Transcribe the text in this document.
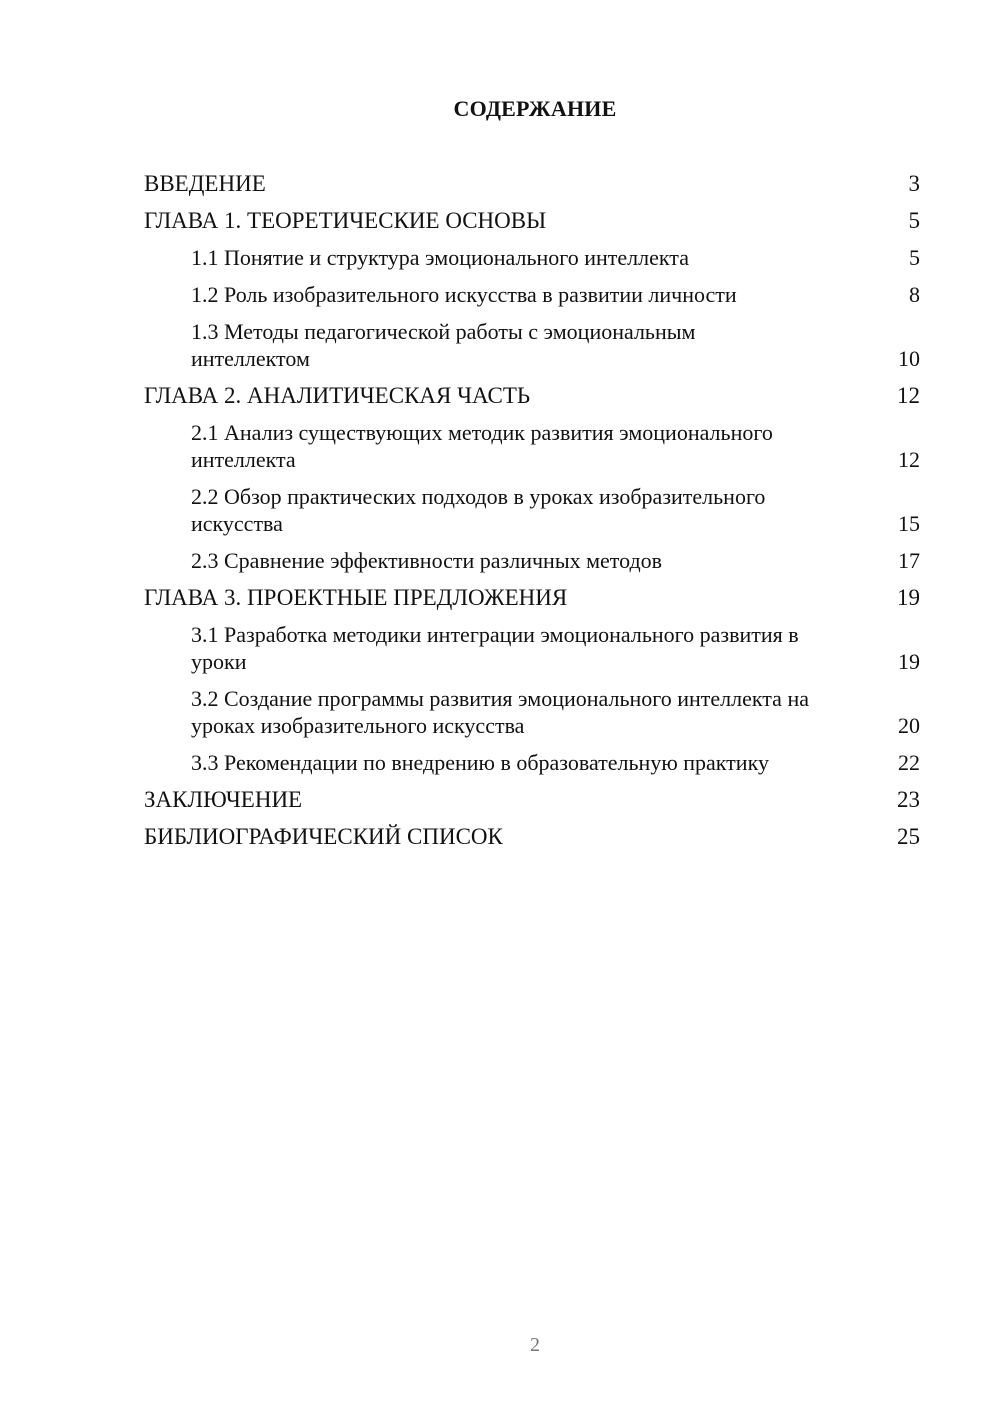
СОДЕРЖАНИЕ
ВВЕДЕНИЕ	3
ГЛАВА 1. ТЕОРЕТИЧЕСКИЕ ОСНОВЫ	5
1.1 Понятие и структура эмоционального интеллекта	5
1.2 Роль изобразительного искусства в развитии личности	8
1.3 Методы педагогической работы с эмоциональным интеллектом	10
ГЛАВА 2. АНАЛИТИЧЕСКАЯ ЧАСТЬ	12
2.1 Анализ существующих методик развития эмоционального интеллекта	12
2.2 Обзор практических подходов в уроках изобразительного искусства	15
2.3 Сравнение эффективности различных методов	17
ГЛАВА 3. ПРОЕКТНЫЕ ПРЕДЛОЖЕНИЯ	19
3.1 Разработка методики интеграции эмоционального развития в уроки	19
3.2 Создание программы развития эмоционального интеллекта на уроках изобразительного искусства	20
3.3 Рекомендации по внедрению в образовательную практику	22
ЗАКЛЮЧЕНИЕ	23
БИБЛИОГРАФИЧЕСКИЙ СПИСОК	25
2
